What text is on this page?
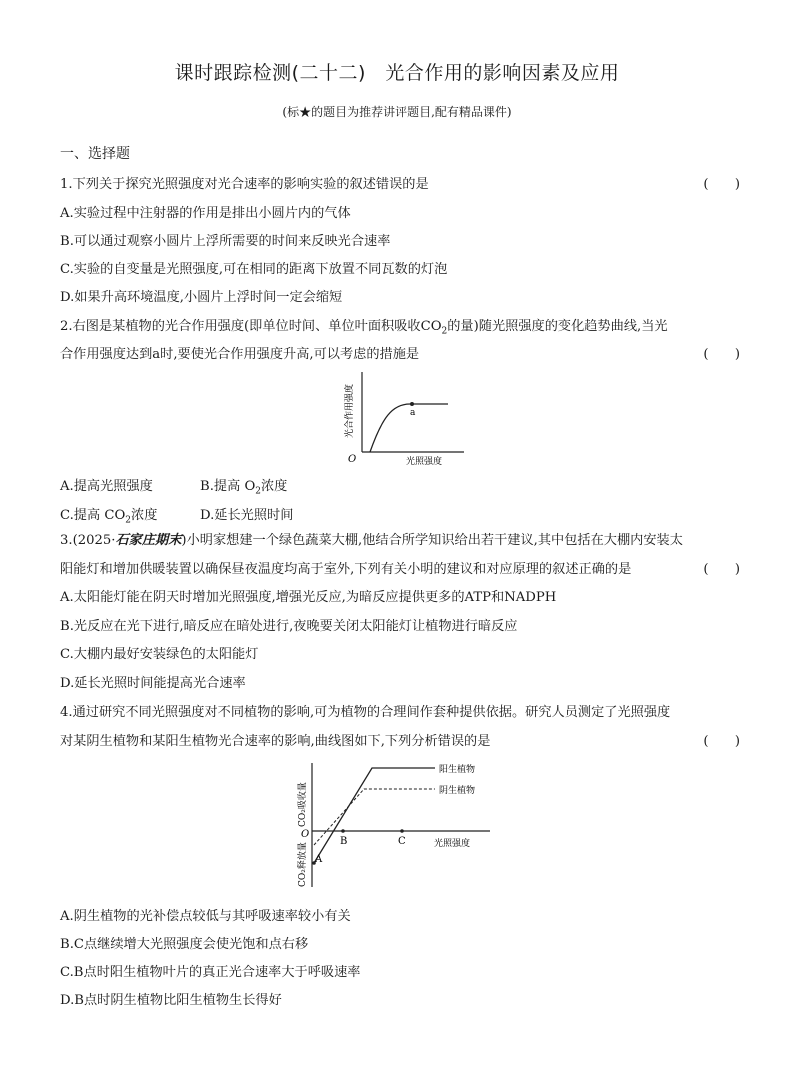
课时跟踪检测(二十二)　光合作用的影响因素及应用
(标★的题目为推荐讲评题目,配有精品课件)
一、选择题
1.下列关于探究光照强度对光合速率的影响实验的叙述错误的是	(　　)
A.实验过程中注射器的作用是排出小圆片内的气体
B.可以通过观察小圆片上浮所需要的时间来反映光合速率
C.实验的自变量是光照强度,可在相同的距离下放置不同瓦数的灯泡
D.如果升高环境温度,小圆片上浮时间一定会缩短
2.右图是某植物的光合作用强度(即单位时间、单位叶面积吸收$CO_2$的量)随光照强度的变化趋势曲线,当光
合作用强度达到a时,要使光合作用强度升高,可以考虑的措施是	(　　)
a
O	光照强度
光合作用强度
A.提高光照强度	B.提高 $O_2$浓度
C.提高 $CO_2$浓度	D.延长光照时间
3.(2025·石家庄期末)小明家想建一个绿色蔬菜大棚,他结合所学知识给出若干建议,其中包括在大棚内安装太
阳能灯和增加供暖装置以确保昼夜温度均高于室外,下列有关小明的建议和对应原理的叙述正确的是	(　　)
A.太阳能灯能在阴天时增加光照强度,增强光反应,为暗反应提供更多的ATP和NADPH
B.光反应在光下进行,暗反应在暗处进行,夜晚要关闭太阳能灯让植物进行暗反应
C.大棚内最好安装绿色的太阳能灯
D.延长光照时间能提高光合速率
4.通过研究不同光照强度对不同植物的影响,可为植物的合理间作套种提供依据。研究人员测定了光照强度
对某阴生植物和某阳生植物光合速率的影响,曲线图如下,下列分析错误的是	(　　)
A
B	C
O
光照强度
阳生植物
阴生植物
CO₂吸收量
CO₂释放量
A.阴生植物的光补偿点较低与其呼吸速率较小有关
B.C点继续增大光照强度会使光饱和点右移
C.B点时阳生植物叶片的真正光合速率大于呼吸速率
D.B点时阴生植物比阳生植物生长得好
